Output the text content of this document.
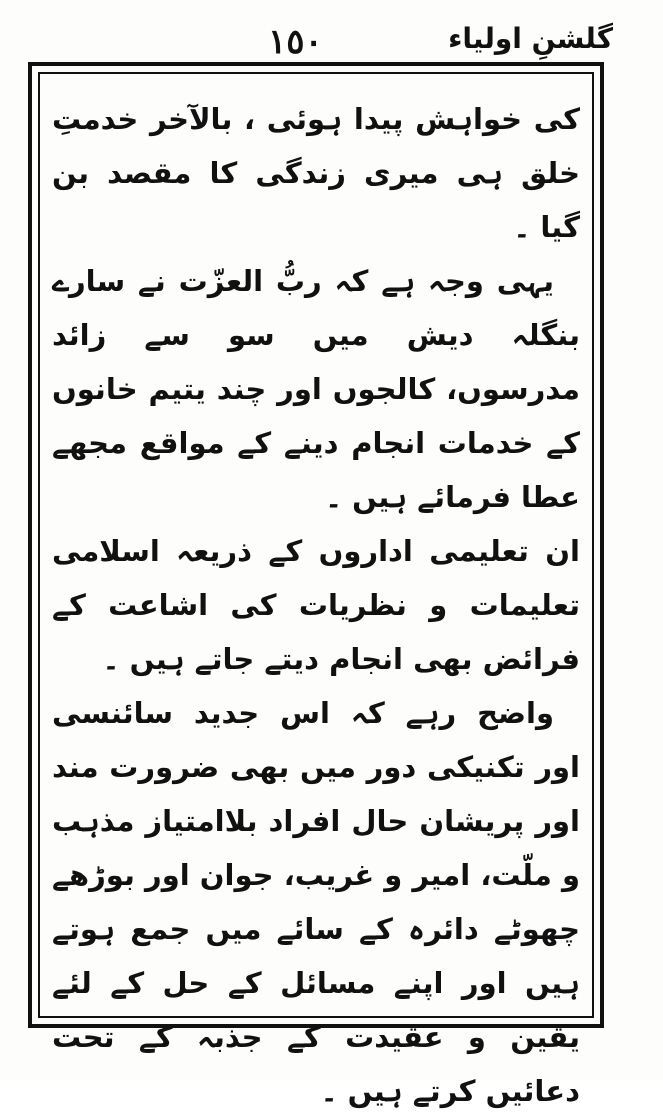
١٥٠	گلشنِ اولیاء

کی خواہش پیدا ہوئی ، بالآخر خدمتِ خلق ہی میری زندگی کا مقصد بن گیا ۔

یہی وجہ ہے کہ ربُّ العزّت نے سارے بنگلہ دیش میں سو سے زائد مدرسوں، کالجوں اور چند یتیم خانوں کے خدمات انجام دینے کے مواقع مجھے عطا فرمائے ہیں ۔

ان تعلیمی اداروں کے ذریعہ اسلامی تعلیمات و نظریات کی اشاعت کے فرائض بھی انجام دیتے جاتے ہیں ۔

واضح رہے کہ اس جدید سائنسی اور تکنیکی دور میں بھی ضرورت مند اور پریشان حال افراد بلاامتیاز مذہب و ملّت، امیر و غریب، جوان اور بوڑھے چھوٹے دائرہ کے سائے میں جمع ہوتے ہیں اور اپنے مسائل کے حل کے لئے یقین و عقیدت کے جذبہ کے تحت دعائیں کرتے ہیں ۔
